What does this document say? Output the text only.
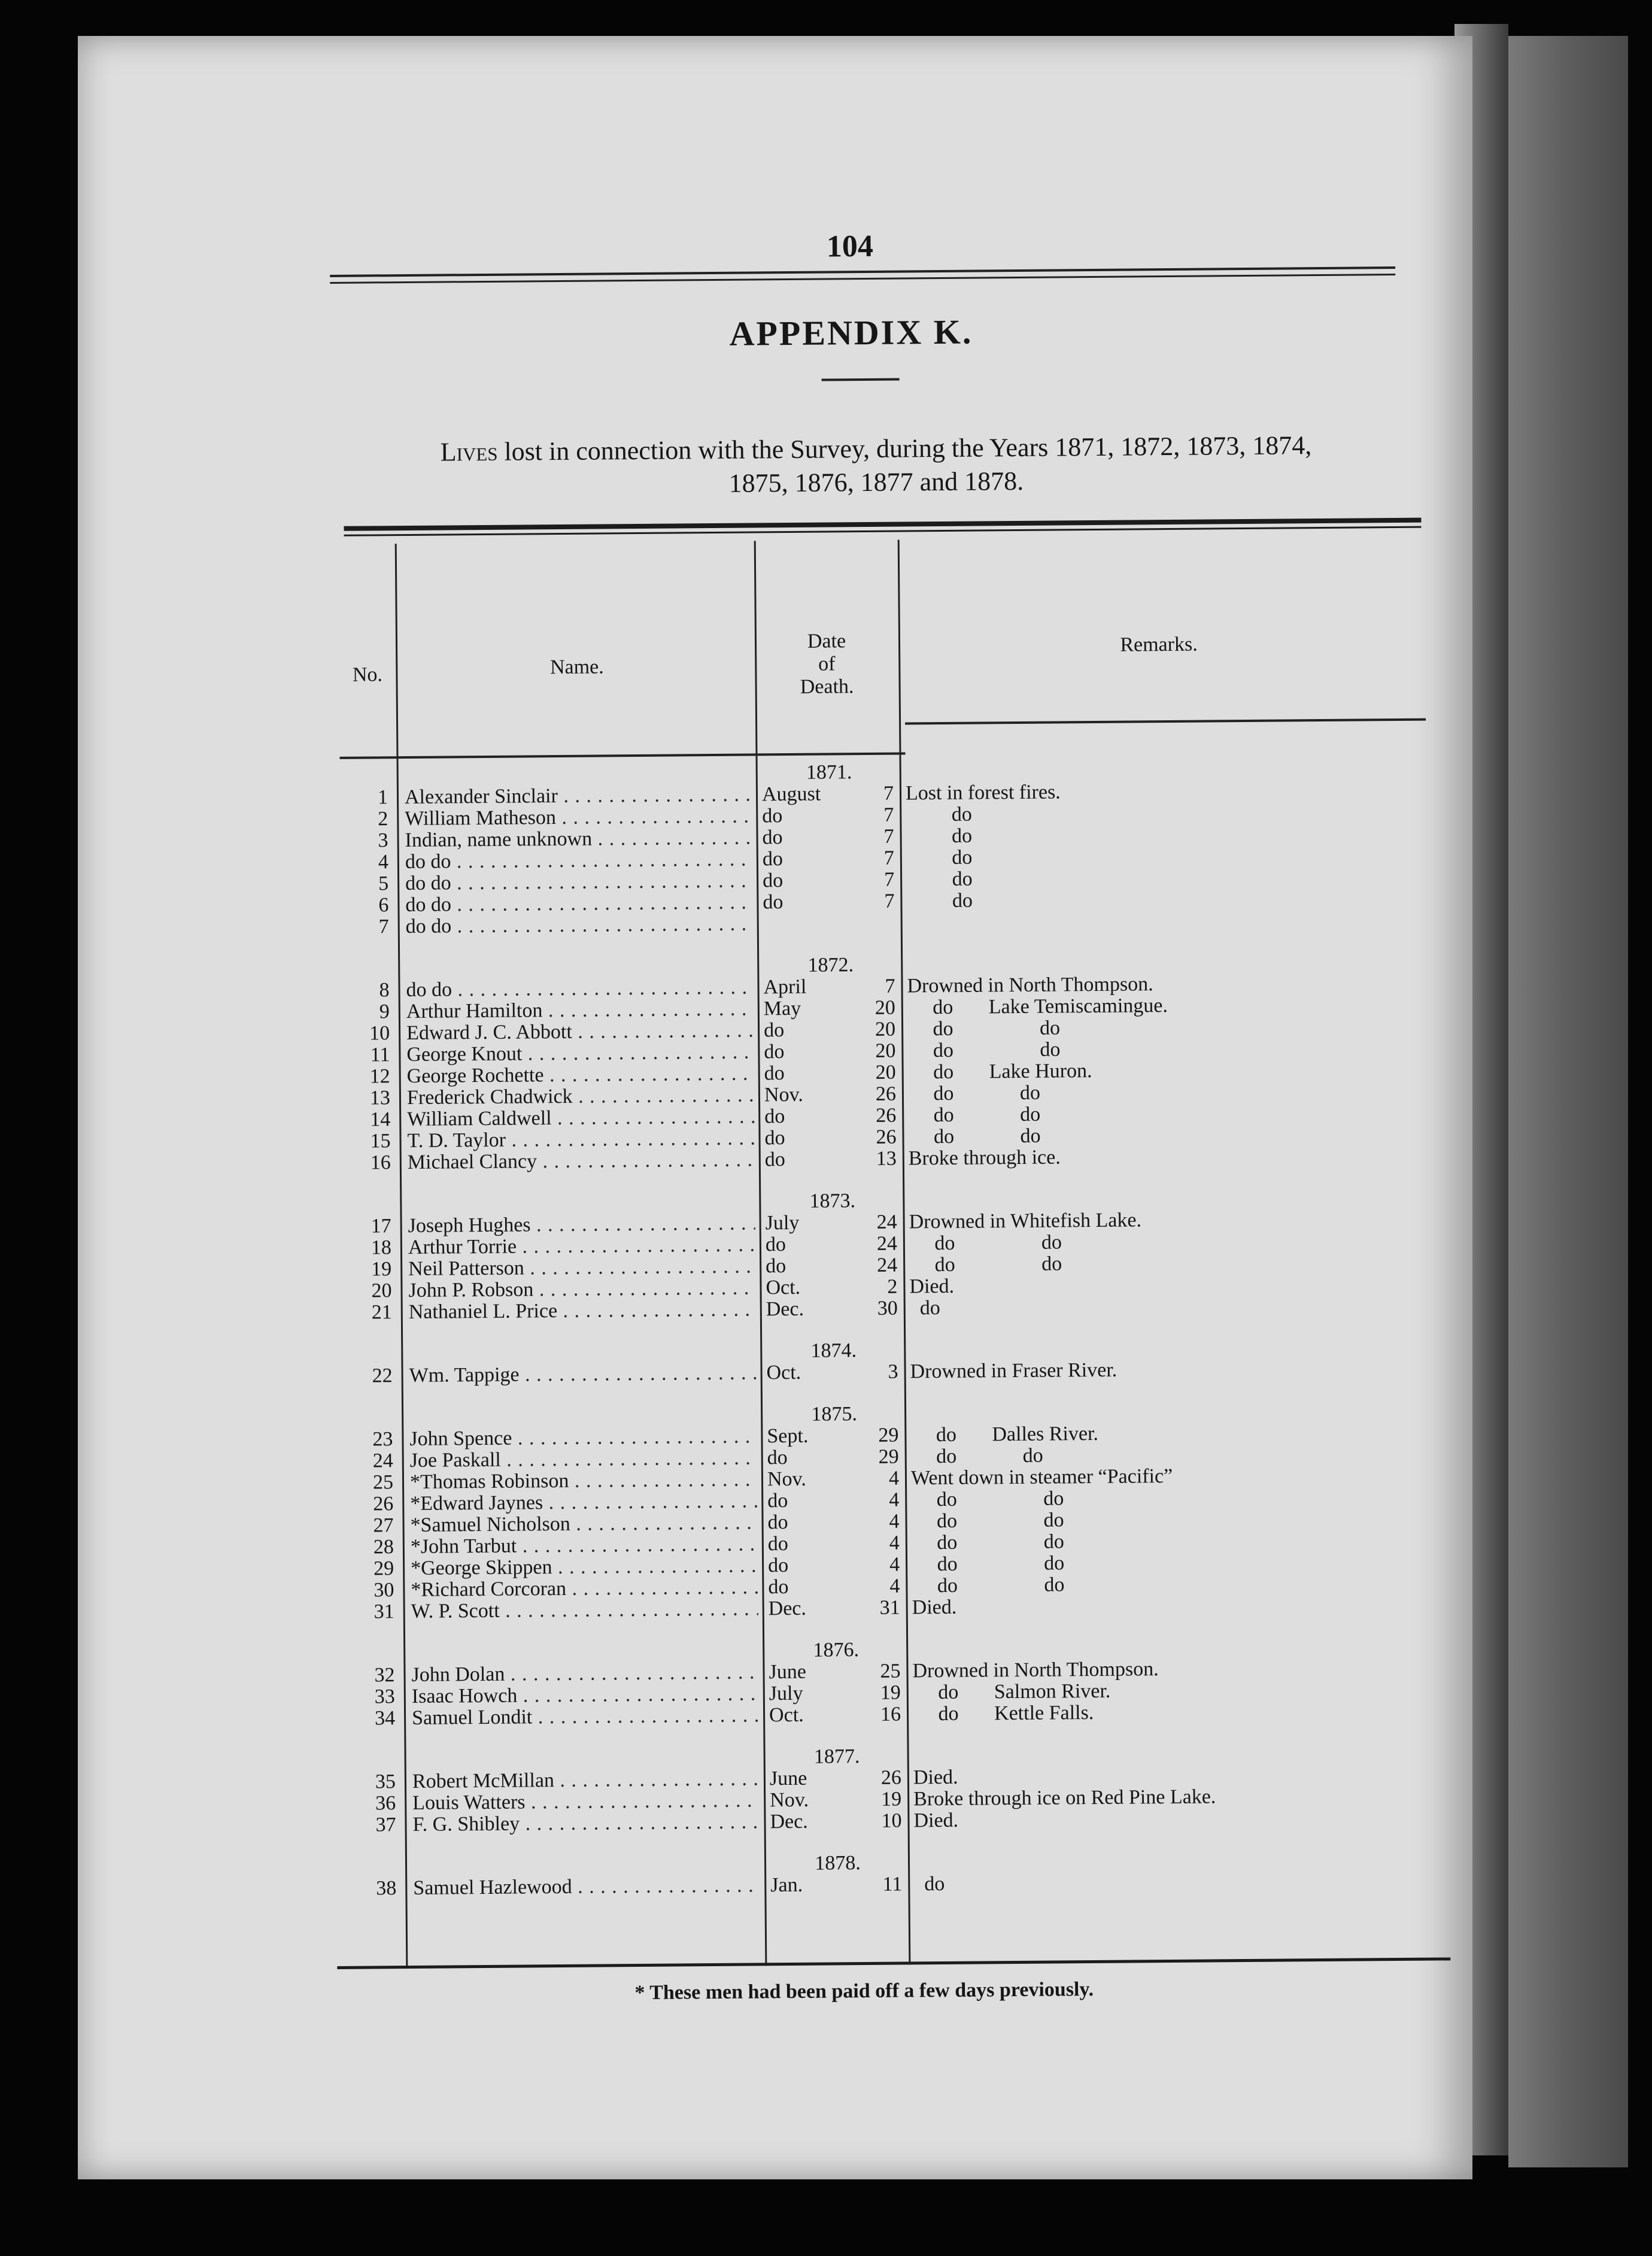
104
APPENDIX K.
Lives lost in connection with the Survey, during the Years 1871, 1872, 1873, 1874,
1875, 1876, 1877 and 1878.
No.	Name.
Date
of
Death.
Remarks.
1871.
1 Alexander Sinclair . . .	August	7 Lost in forest fires.
2 William Matheson . . .	do	7 do
3 Indian, name unknown . . .	do	7 do
4 do do . . .	do	7 do
5 do do . . .	do	7 do
6 do do . . .	do	7 do
7 do do . . .
1872.
8 do do . . .	April	7 Drowned in North Thompson.
9 Arthur Hamilton . . .	May	20 do       Lake Temiscamingue.
10 Edward J. C. Abbott . . .	do	20 do                 do
11 George Knout . . .	do	20 do                 do
12 George Rochette . . .	do	20 do       Lake Huron.
13 Frederick Chadwick . . .	Nov.	26 do             do
14 William Caldwell . . .	do	26 do             do
15 T. D. Taylor . . .	do	26 do             do
16 Michael Clancy . . .	do	13 Broke through ice.
1873.
17 Joseph Hughes . . .	July	24 Drowned in Whitefish Lake.
18 Arthur Torrie . . .	do	24 do                 do
19 Neil Patterson . . .	do	24 do                 do
20 John P. Robson . . .	Oct.	2 Died.
21 Nathaniel L. Price . . .	Dec.	30 do
1874.
22 Wm. Tappige . . .	Oct.	3 Drowned in Fraser River.
1875.
23 John Spence . . .	Sept.	29 do       Dalles River.
24 Joe Paskall . . .	do	29 do             do
25 *Thomas Robinson . . .	Nov.	4 Went down in steamer “Pacific”
26 *Edward Jaynes . . .	do	4 do                 do
27 *Samuel Nicholson . . .	do	4 do                 do
28 *John Tarbut . . .	do	4 do                 do
29 *George Skippen . . .	do	4 do                 do
30 *Richard Corcoran . . .	do	4 do                 do
31 W. P. Scott . . .	Dec.	31 Died.
1876.
32 John Dolan . . .	June	25 Drowned in North Thompson.
33 Isaac Howch . . .	July	19 do       Salmon River.
34 Samuel Londit . . .	Oct.	16 do       Kettle Falls.
1877.
35 Robert McMillan . . .	June	26 Died.
36 Louis Watters . . .	Nov.	19 Broke through ice on Red Pine Lake.
37 F. G. Shibley . . .	Dec.	10 Died.
1878.
38 Samuel Hazlewood . . .	Jan.	11 do
* These men had been paid off a few days previously.
